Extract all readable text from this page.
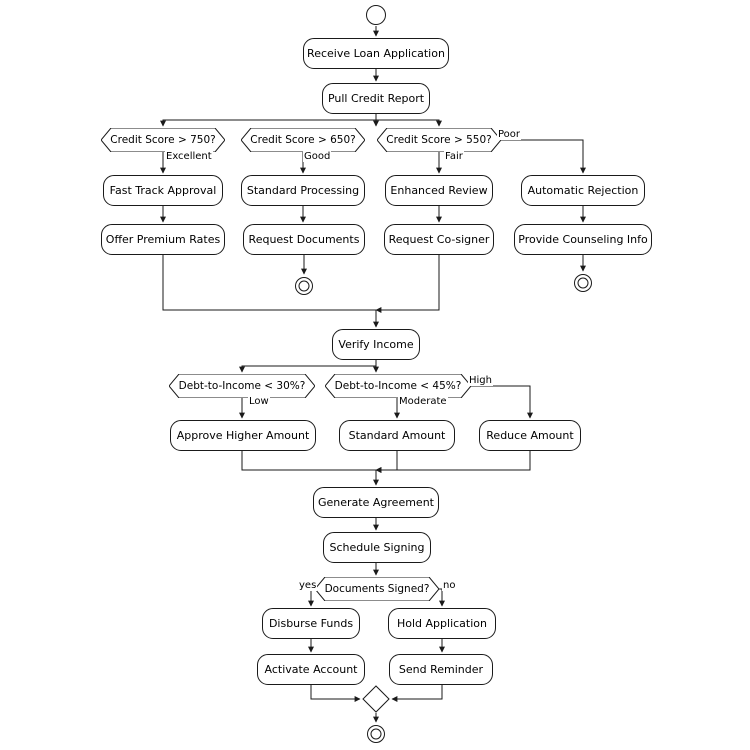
Receive Loan Application
Pull Credit Report
Credit Score > 750?	Credit Score > 650?	Credit Score > 550?
Fast Track Approval	Standard Processing	Enhanced Review	Automatic Rejection
Offer Premium Rates	Request Documents	Request Co-signer	Provide Counseling Info
Verify Income
Debt-to-Income < 30%?	Debt-to-Income < 45%?
Approve Higher Amount	Standard Amount	Reduce Amount
Generate Agreement
Schedule Signing
Documents Signed?
Disburse Funds	Hold Application
Activate Account	Send Reminder
Excellent	Good	Fair
Poor
Low	Moderate
High
yes	no
